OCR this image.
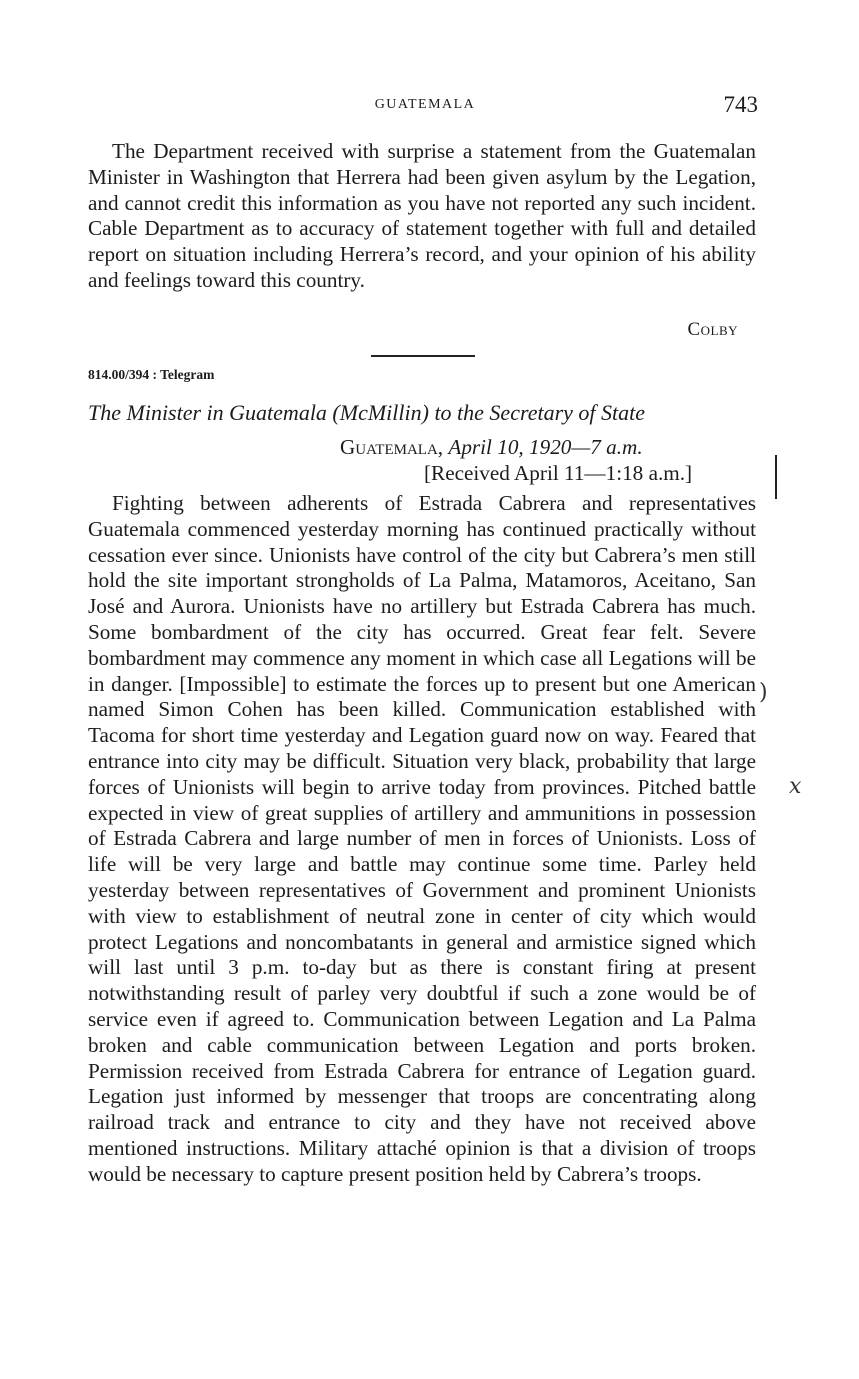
GUATEMALA	743

The Department received with surprise a statement from the Guatemalan Minister in Washington that Herrera had been given asylum by the Legation, and cannot credit this information as you have not reported any such incident. Cable Department as to accuracy of statement together with full and detailed report on situation including Herrera’s record, and your opinion of his ability and feelings toward this country.

Colby
814.00/394 : Telegram
The Minister in Guatemala (McMillin) to the Secretary of State
Guatemala, April 10, 1920—7 a.m.
[Received April 11—1:18 a.m.]

Fighting between adherents of Estrada Cabrera and representatives Guatemala commenced yesterday morning has continued practically without cessation ever since. Unionists have control of the city but Cabrera’s men still hold the site important strongholds of La Palma, Matamoros, Aceitano, San José and Aurora. Unionists have no artillery but Estrada Cabrera has much. Some bombardment of the city has occurred. Great fear felt. Severe bombardment may commence any moment in which case all Legations will be in danger. [Impossible] to estimate the forces up to present but one American named Simon Cohen has been killed. Communication established with Tacoma for short time yesterday and Legation guard now on way. Feared that entrance into city may be difficult. Situation very black, probability that large forces of Unionists will begin to arrive today from provinces. Pitched battle expected in view of great supplies of artillery and ammunitions in possession of Estrada Cabrera and large number of men in forces of Unionists. Loss of life will be very large and battle may continue some time. Parley held yesterday between representatives of Government and prominent Unionists with view to establishment of neutral zone in center of city which would protect Legations and noncombatants in general and armistice signed which will last until 3 p.m. to-day but as there is constant firing at present notwithstanding result of parley very doubtful if such a zone would be of service even if agreed to. Communication between Legation and La Palma broken and cable communication between Legation and ports broken. Permission received from Estrada Cabrera for entrance of Legation guard. Legation just informed by messenger that troops are concentrating along railroad track and entrance to city and they have not received above mentioned instructions. Military attaché opinion is that a division of troops would be necessary to capture present position held by Cabrera’s troops.

)
x
